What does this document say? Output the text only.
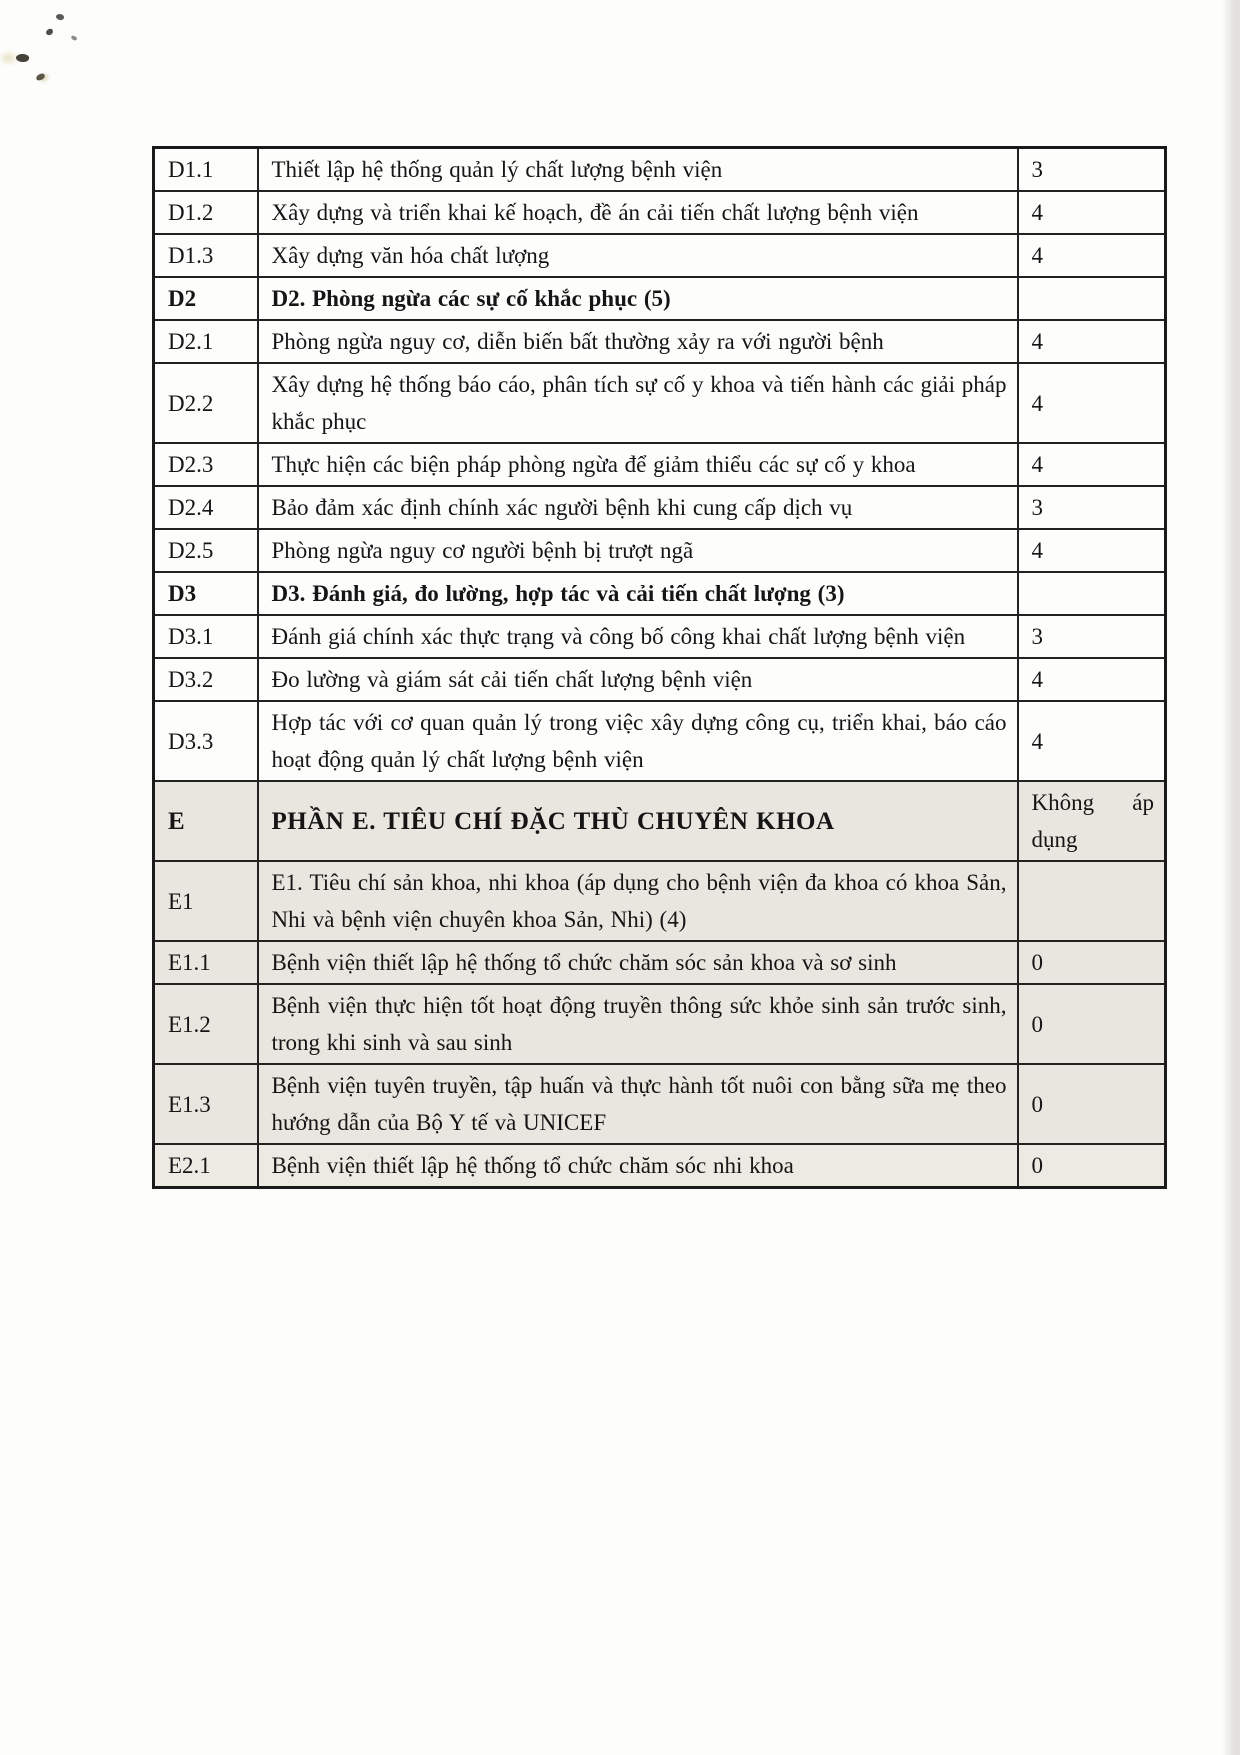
D1.1	Thiết lập hệ thống quản lý chất lượng bệnh viện	3
D1.2	Xây dựng và triển khai kế hoạch, đề án cải tiến chất lượng bệnh viện	4
D1.3	Xây dựng văn hóa chất lượng	4
D2	D2. Phòng ngừa các sự cố khắc phục (5)	
D2.1	Phòng ngừa nguy cơ, diễn biến bất thường xảy ra với người bệnh	4
D2.2	Xây dựng hệ thống báo cáo, phân tích sự cố y khoa và tiến hành các giải pháp khắc phục	4
D2.3	Thực hiện các biện pháp phòng ngừa để giảm thiểu các sự cố y khoa	4
D2.4	Bảo đảm xác định chính xác người bệnh khi cung cấp dịch vụ	3
D2.5	Phòng ngừa nguy cơ người bệnh bị trượt ngã	4
D3	D3. Đánh giá, đo lường, hợp tác và cải tiến chất lượng (3)	
D3.1	Đánh giá chính xác thực trạng và công bố công khai chất lượng bệnh viện	3
D3.2	Đo lường và giám sát cải tiến chất lượng bệnh viện	4
D3.3	Hợp tác với cơ quan quản lý trong việc xây dựng công cụ, triển khai, báo cáo hoạt động quản lý chất lượng bệnh viện	4
E	PHẦN E. TIÊU CHÍ ĐẶC THÙ CHUYÊN KHOA	Không áp dụng
E1	E1. Tiêu chí sản khoa, nhi khoa (áp dụng cho bệnh viện đa khoa có khoa Sản, Nhi và bệnh viện chuyên khoa Sản, Nhi) (4)	
E1.1	Bệnh viện thiết lập hệ thống tổ chức chăm sóc sản khoa và sơ sinh	0
E1.2	Bệnh viện thực hiện tốt hoạt động truyền thông sức khỏe sinh sản trước sinh, trong khi sinh và sau sinh	0
E1.3	Bệnh viện tuyên truyền, tập huấn và thực hành tốt nuôi con bằng sữa mẹ theo hướng dẫn của Bộ Y tế và UNICEF	0
E2.1	Bệnh viện thiết lập hệ thống tổ chức chăm sóc nhi khoa	0
